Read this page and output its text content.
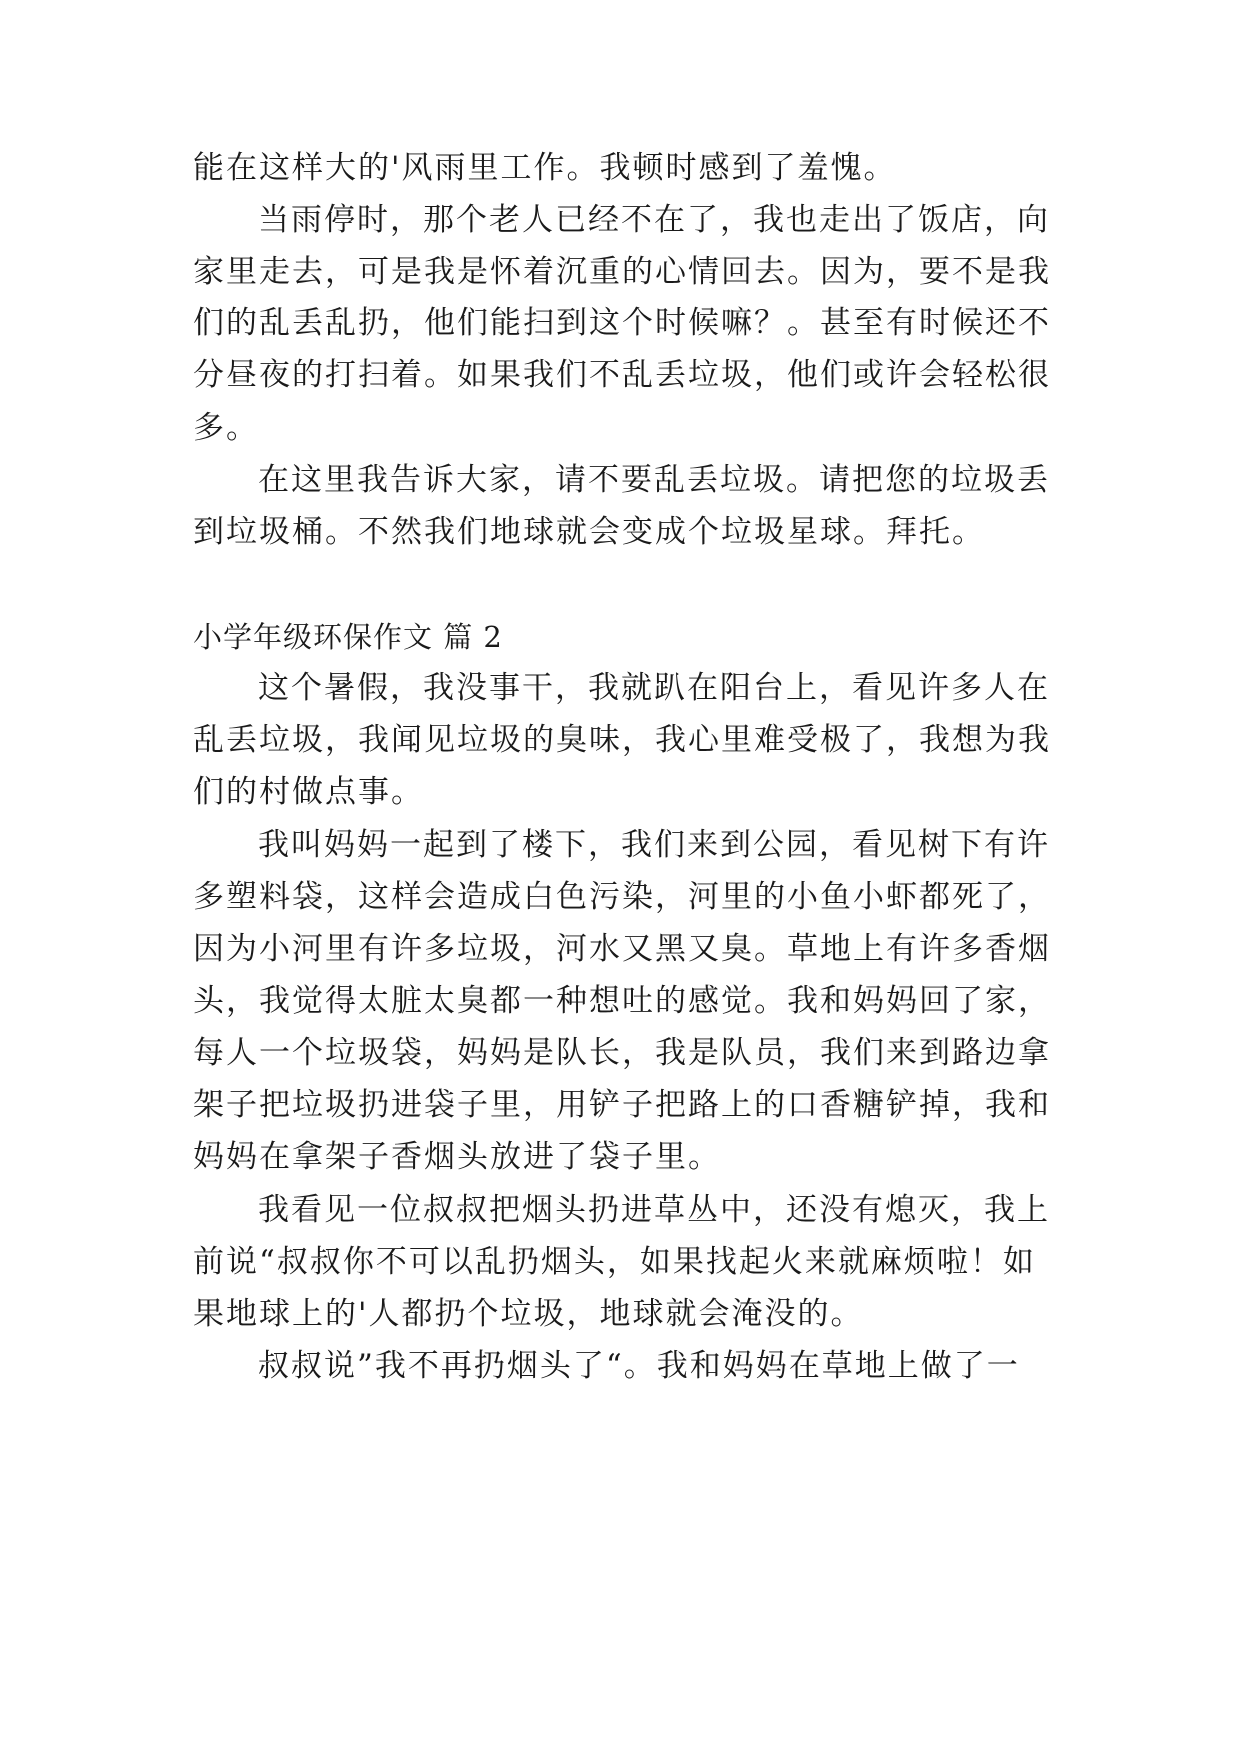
能在这样大的'风雨里工作。我顿时感到了羞愧。
当雨停时，那个老人已经不在了，我也走出了饭店，向
家里走去，可是我是怀着沉重的心情回去。因为，要不是我
们的乱丢乱扔，他们能扫到这个时候嘛？。甚至有时候还不
分昼夜的打扫着。如果我们不乱丢垃圾，他们或许会轻松很
多。
在这里我告诉大家，请不要乱丢垃圾。请把您的垃圾丢
到垃圾桶。不然我们地球就会变成个垃圾星球。拜托。
小学年级环保作文 篇 2
这个暑假，我没事干，我就趴在阳台上，看见许多人在
乱丢垃圾，我闻见垃圾的臭味，我心里难受极了，我想为我
们的村做点事。
我叫妈妈一起到了楼下，我们来到公园，看见树下有许
多塑料袋，这样会造成白色污染，河里的小鱼小虾都死了，
因为小河里有许多垃圾，河水又黑又臭。草地上有许多香烟
头，我觉得太脏太臭都一种想吐的感觉。我和妈妈回了家，
每人一个垃圾袋，妈妈是队长，我是队员，我们来到路边拿
架子把垃圾扔进袋子里，用铲子把路上的口香糖铲掉，我和
妈妈在拿架子香烟头放进了袋子里。
我看见一位叔叔把烟头扔进草丛中，还没有熄灭，我上
前说“叔叔你不可以乱扔烟头，如果找起火来就麻烦啦！如
果地球上的'人都扔个垃圾，地球就会淹没的。
叔叔说”我不再扔烟头了“。我和妈妈在草地上做了一
